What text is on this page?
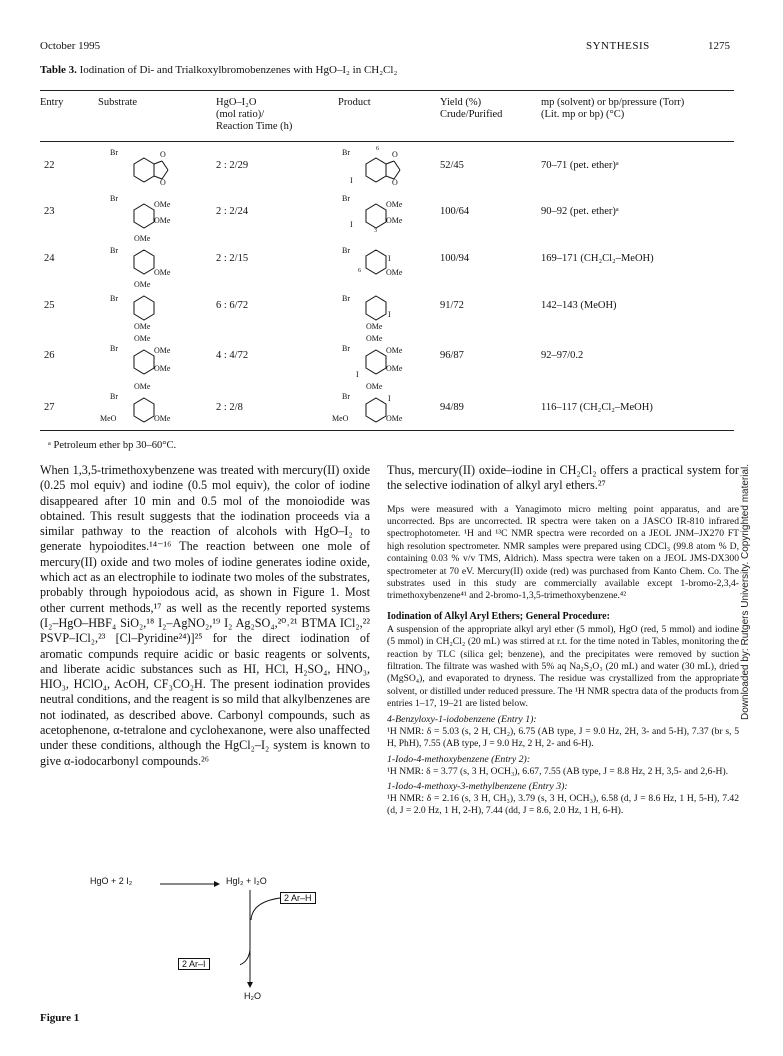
October 1995	SYNTHESIS	1275
Table 3. Iodination of Di- and Trialkoxylbromobenzenes with HgO–I₂ in CH₂Cl₂
Entry	Substrate	HgO–I₂O
(mol ratio)/
Reaction Time (h)
Product	Yield (%)
Crude/Purified
mp (solvent) or bp/pressure (Torr)
(Lit. mp or bp) (°C)
22	2 : 2/29	52/45	70–71 (pet. ether)ᵃ
23	2 : 2/24	100/64	90–92 (pet. ether)ᵃ
24	2 : 2/15	100/94	169–171 (CH₂Cl₂–MeOH)
25	6 : 6/72	91/72	142–143 (MeOH)
26	4 : 4/72	96/87	92–97/0.2
27	2 : 2/8	94/89	116–117 (CH₂Cl₂–MeOH)
Br	O
O
Br
I
6
O
O
Br
OMe
OMe
Br
I
OMe
OMe
3
OMe
Br
OMe
Br
I
OMe
6
OMe
Br
OMe
Br
I
OMe
OMe
Br	OMe
OMe
OMe
Br	OMe
OMe
I
OMe
Br
MeO	OMe
OMe
Br	I
MeO	OMe
ᵃ Petroleum ether bp 30–60°C.

When 1,3,5-trimethoxybenzene was treated with mercury(II) oxide (0.25 mol equiv) and iodine (0.5 mol equiv), the color of iodine disappeared after 10 min and 0.5 mol of the monoiodide was obtained. This result suggests that the iodination proceeds via a similar pathway to the reaction of alcohols with HgO–I₂ to generate hypoiodites.¹⁴⁻¹⁶ The reaction between one mole of mercury(II) oxide and two moles of iodine generates iodine oxide, which act as an electrophile to iodinate two moles of the substrates, probably through hypoiodous acid, as shown in Figure 1. Most other current methods,¹⁷ as well as the recently reported systems (I₂–HgO–HBF₄ SiO₂,¹⁸ I₂–AgNO₂,¹⁹ I₂ Ag₂SO₄,²⁰˒²¹ BTMA ICl₂,²² PSVP–ICl₂,²³ [Cl–Pyridine²⁴)]²⁵ for the direct iodination of aromatic compunds require acidic or basic reagents or solvents, and liberate acidic substances such as HI, HCl, H₂SO₄, HNO₃, HIO₃, HClO₄, AcOH, CF₃CO₂H. The present iodination provides neutral conditions, and the reagent is so mild that alkylbenzenes are not iodinated, as described above. Carbonyl compounds, such as acetophenone, α-tetralone and cyclohexanone, were also unaffected under these conditions, although the HgCl₂–I₂ system is known to give α-iodocarbonyl compounds.²⁶

Thus, mercury(II) oxide–iodine in CH₂Cl₂ offers a practical system for the selective iodination of alkyl aryl ethers.²⁷

Mps were measured with a Yanagimoto micro melting point apparatus, and are uncorrected. Bps are uncorrected. IR spectra were taken on a JASCO IR-810 infrared spectrophotometer. ¹H and ¹³C NMR spectra were recorded on a JEOL JNM–JX270 FT high resolution spectrometer. NMR samples were prepared using CDCl₃ (99.8 atom % D, containing 0.03 % v/v TMS, Aldrich). Mass spectra were taken on a JEOL JMS-DX300 spectrometer at 70 eV. Mercury(II) oxide (red) was purchased from Kanto Chem. Co. The substrates used in this study are commercially available except 1-bromo-2,3,4-trimethoxybenzene⁴¹ and 2-bromo-1,3,5-trimethoxybenzene.⁴²

Iodination of Alkyl Aryl Ethers; General Procedure:

A suspension of the appropriate alkyl aryl ether (5 mmol), HgO (red, 5 mmol) and iodine (5 mmol) in CH₂Cl₂ (20 mL) was stirred at r.t. for the time noted in Tables, monitoring the reaction by TLC (silica gel; benzene), and the precipitates were removed by suction filtration. The filtrate was washed with 5% aq Na₂S₂O₃ (20 mL) and water (30 mL), dried (MgSO₄), and evaporated to dryness. The residue was crystallized from the appropriate solvent, or distilled under reduced pressure. The ¹H NMR spectra data of the products from entries 1–17, 19–21 are listed below.

4-Benzyloxy-1-iodobenzene (Entry 1):

¹H NMR: δ = 5.03 (s, 2 H, CH₂), 6.75 (AB type, J = 9.0 Hz, 2H, 3- and 5-H), 7.37 (br s, 5 H, PhH), 7.55 (AB type, J = 9.0 Hz, 2 H, 2- and 6-H).

1-Iodo-4-methoxybenzene (Entry 2):

¹H NMR: δ = 3.77 (s, 3 H, OCH₃), 6.67, 7.55 (AB type, J = 8.8 Hz, 2 H, 3,5- and 2,6-H).

1-Iodo-4-methoxy-3-methylbenzene (Entry 3):

¹H NMR: δ = 2.16 (s, 3 H, CH₃), 3.79 (s, 3 H, OCH₃), 6.58 (d, J = 8.6 Hz, 1 H, 5-H), 7.42 (d, J = 2.0 Hz, 1 H, 2-H), 7.44 (dd, J = 8.6, 2.0 Hz, 1 H, 6-H).

HgO + 2 I₂ → HgI₂ + I₂O
2 Ar–H
2 Ar–I
H₂O
Figure 1
Downloaded by: Rutgers University. Copyrighted material.
